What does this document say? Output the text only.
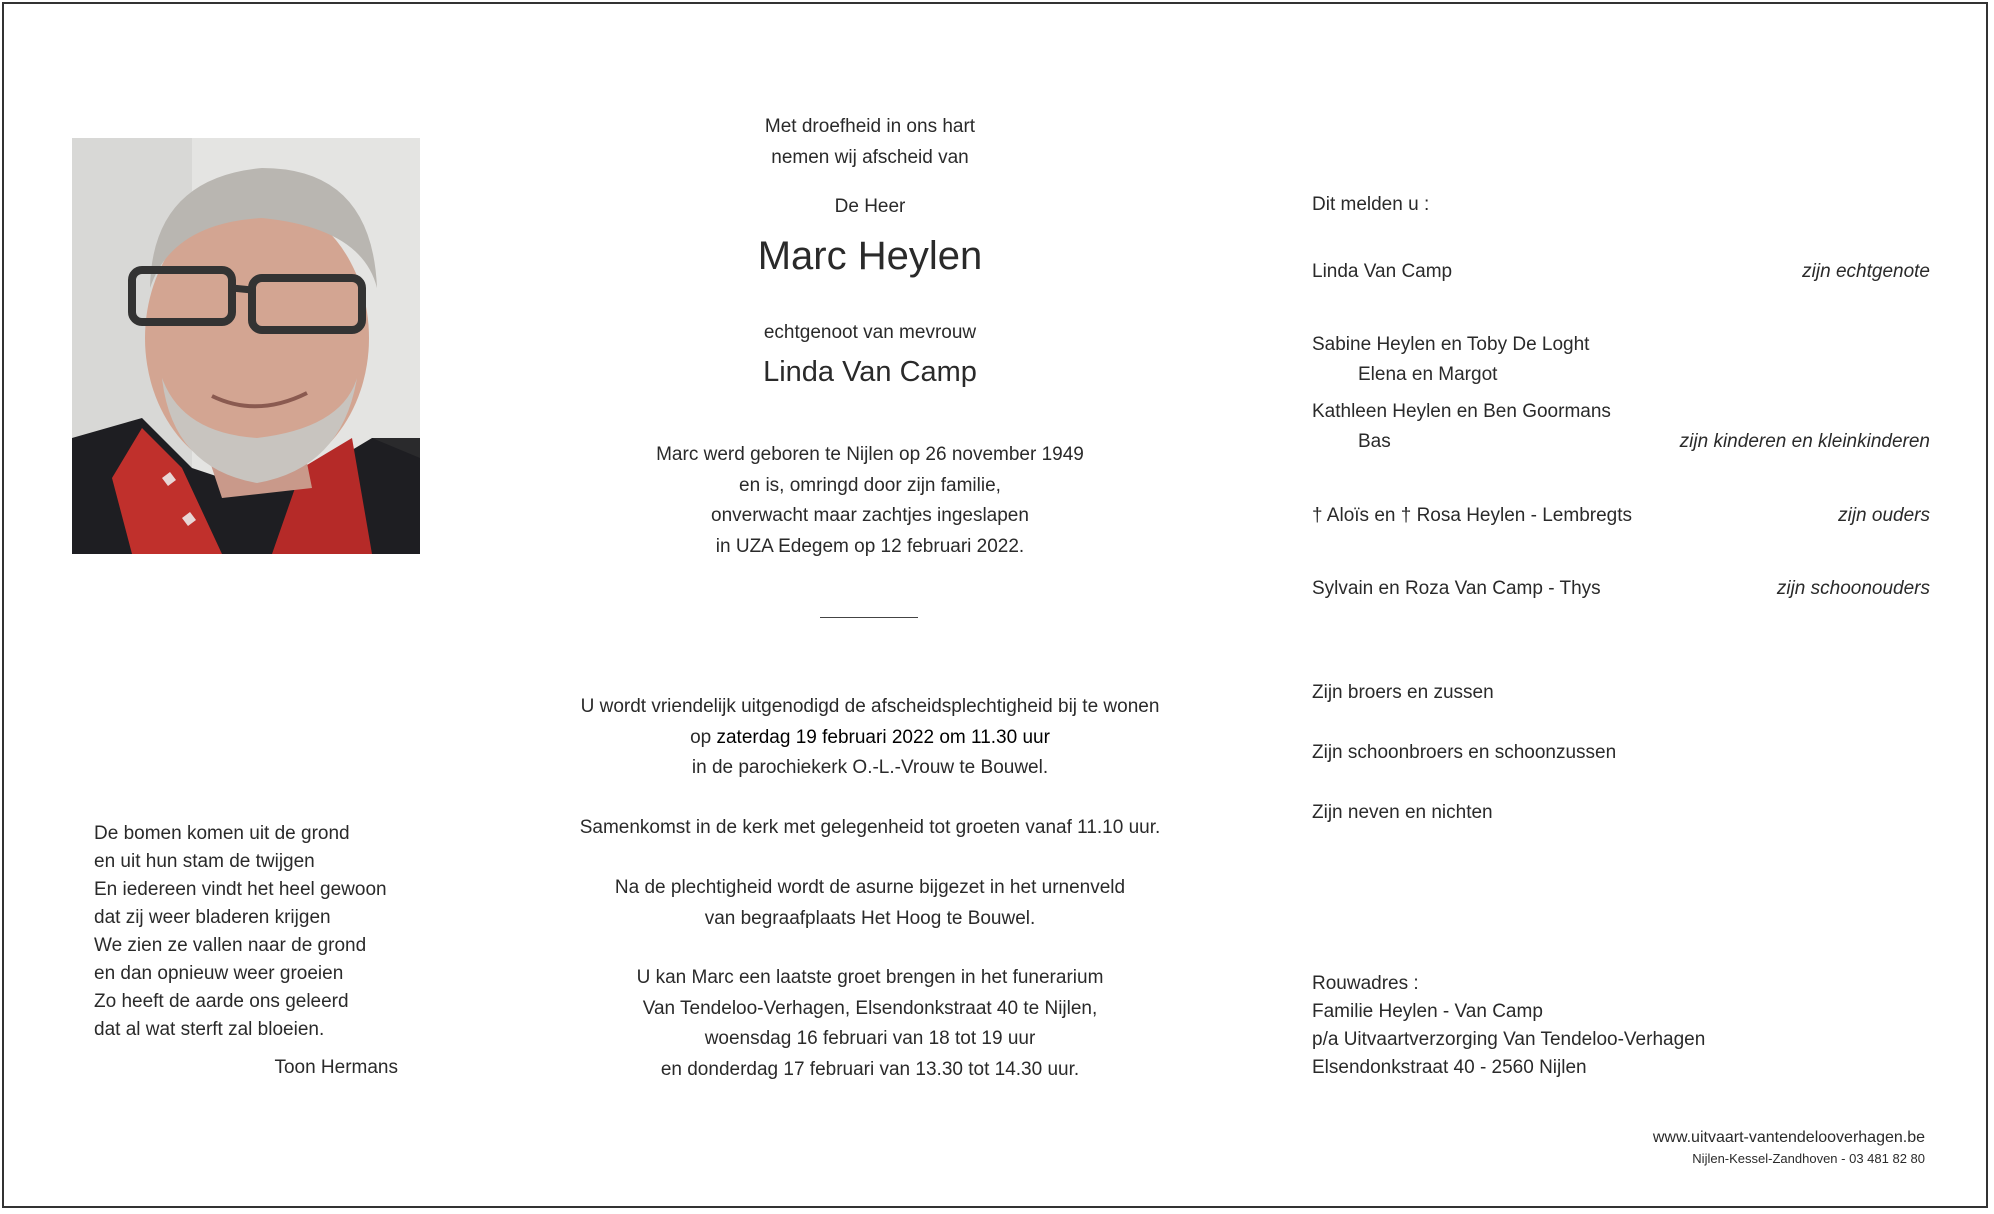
Met droefheid in ons hart
nemen wij afscheid van
De Heer
Marc Heylen
echtgenoot van mevrouw
Linda Van Camp
Marc werd geboren te Nijlen op 26 november 1949
en is, omringd door zijn familie,
onverwacht maar zachtjes ingeslapen
in UZA Edegem op 12 februari 2022.
U wordt vriendelijk uitgenodigd de afscheidsplechtigheid bij te wonen
op zaterdag 19 februari 2022 om 11.30 uur
in de parochiekerk O.-L.-Vrouw te Bouwel.
Samenkomst in de kerk met gelegenheid tot groeten vanaf 11.10 uur.
Na de plechtigheid wordt de asurne bijgezet in het urnenveld
van begraafplaats Het Hoog te Bouwel.
U kan Marc een laatste groet brengen in het funerarium
Van Tendeloo-Verhagen, Elsendonkstraat 40 te Nijlen,
woensdag 16 februari van 18 tot 19 uur
en donderdag 17 februari van 13.30 tot 14.30 uur.
De bomen komen uit de grond
en uit hun stam de twijgen
En iedereen vindt het heel gewoon
dat zij weer bladeren krijgen
We zien ze vallen naar de grond
en dan opnieuw weer groeien
Zo heeft de aarde ons geleerd
dat al wat sterft zal bloeien.
Toon Hermans
Dit melden u :
Linda Van Camp	zijn echtgenote
Sabine Heylen en Toby De Loght
Elena en Margot
Kathleen Heylen en Ben Goormans
Bas	zijn kinderen en kleinkinderen
† Aloïs en † Rosa Heylen - Lembregts	zijn ouders
Sylvain en Roza Van Camp - Thys	zijn schoonouders
Zijn broers en zussen
Zijn schoonbroers en schoonzussen
Zijn neven en nichten
Rouwadres :
Familie Heylen - Van Camp
p/a Uitvaartverzorging Van Tendeloo-Verhagen
Elsendonkstraat 40 - 2560 Nijlen
www.uitvaart-vantendelooverhagen.be
Nijlen-Kessel-Zandhoven - 03 481 82 80
